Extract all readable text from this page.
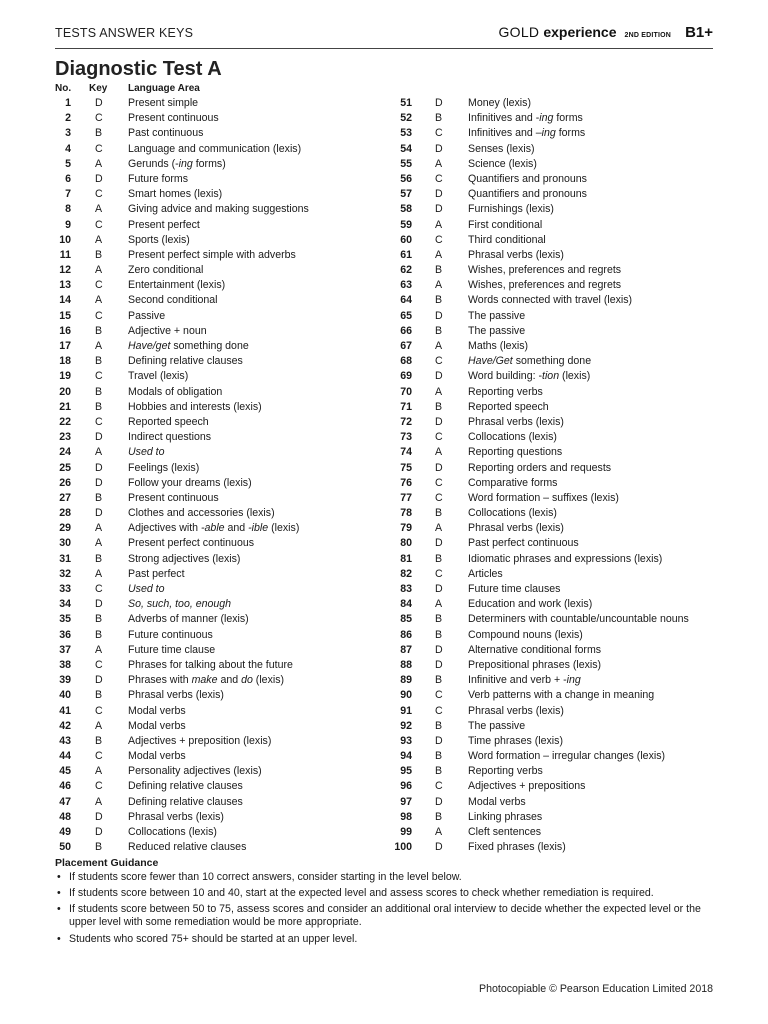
TESTS ANSWER KEYS	GOLD experience 2ND EDITION B1+
Diagnostic Test A
No. Key Language Area
1 D Present simple
2 C Present continuous
3 B Past continuous
4 C Language and communication (lexis)
5 A Gerunds (-ing forms)
6 D Future forms
7 C Smart homes (lexis)
8 A Giving advice and making suggestions
9 C Present perfect
10 A Sports (lexis)
11 B Present perfect simple with adverbs
12 A Zero conditional
13 C Entertainment (lexis)
14 A Second conditional
15 C Passive
16 B Adjective + noun
17 A Have/get something done
18 B Defining relative clauses
19 C Travel (lexis)
20 B Modals of obligation
21 B Hobbies and interests (lexis)
22 C Reported speech
23 D Indirect questions
24 A Used to
25 D Feelings (lexis)
26 D Follow your dreams (lexis)
27 B Present continuous
28 D Clothes and accessories (lexis)
29 A Adjectives with -able and -ible (lexis)
30 A Present perfect continuous
31 B Strong adjectives (lexis)
32 A Past perfect
33 C Used to
34 D So, such, too, enough
35 B Adverbs of manner (lexis)
36 B Future continuous
37 A Future time clause
38 C Phrases for talking about the future
39 D Phrases with make and do (lexis)
40 B Phrasal verbs (lexis)
41 C Modal verbs
42 A Modal verbs
43 B Adjectives + preposition (lexis)
44 C Modal verbs
45 A Personality adjectives (lexis)
46 C Defining relative clauses
47 A Defining relative clauses
48 D Phrasal verbs (lexis)
49 D Collocations (lexis)
50 B Reduced relative clauses
51 D Money (lexis)
52 B Infinitives and -ing forms
53 C Infinitives and –ing forms
54 D Senses (lexis)
55 A Science (lexis)
56 C Quantifiers and pronouns
57 D Quantifiers and pronouns
58 D Furnishings (lexis)
59 A First conditional
60 C Third conditional
61 A Phrasal verbs (lexis)
62 B Wishes, preferences and regrets
63 A Wishes, preferences and regrets
64 B Words connected with travel (lexis)
65 D The passive
66 B The passive
67 A Maths (lexis)
68 C Have/Get something done
69 D Word building: -tion (lexis)
70 A Reporting verbs
71 B Reported speech
72 D Phrasal verbs (lexis)
73 C Collocations (lexis)
74 A Reporting questions
75 D Reporting orders and requests
76 C Comparative forms
77 C Word formation – suffixes (lexis)
78 B Collocations (lexis)
79 A Phrasal verbs (lexis)
80 D Past perfect continuous
81 B Idiomatic phrases and expressions (lexis)
82 C Articles
83 D Future time clauses
84 A Education and work (lexis)
85 B Determiners with countable/uncountable nouns
86 B Compound nouns (lexis)
87 D Alternative conditional forms
88 D Prepositional phrases (lexis)
89 B Infinitive and verb + -ing
90 C Verb patterns with a change in meaning
91 C Phrasal verbs (lexis)
92 B The passive
93 D Time phrases (lexis)
94 B Word formation – irregular changes (lexis)
95 B Reporting verbs
96 C Adjectives + prepositions
97 D Modal verbs
98 B Linking phrases
99 A Cleft sentences
100 D Fixed phrases (lexis)
Placement Guidance
• If students score fewer than 10 correct answers, consider starting in the level below.
• If students score between 10 and 40, start at the expected level and assess scores to check whether remediation is required.
• If students score between 50 to 75, assess scores and consider an additional oral interview to decide whether the expected level or the upper level with some remediation would be more appropriate.
• Students who scored 75+ should be started at an upper level.
Photocopiable © Pearson Education Limited 2018
